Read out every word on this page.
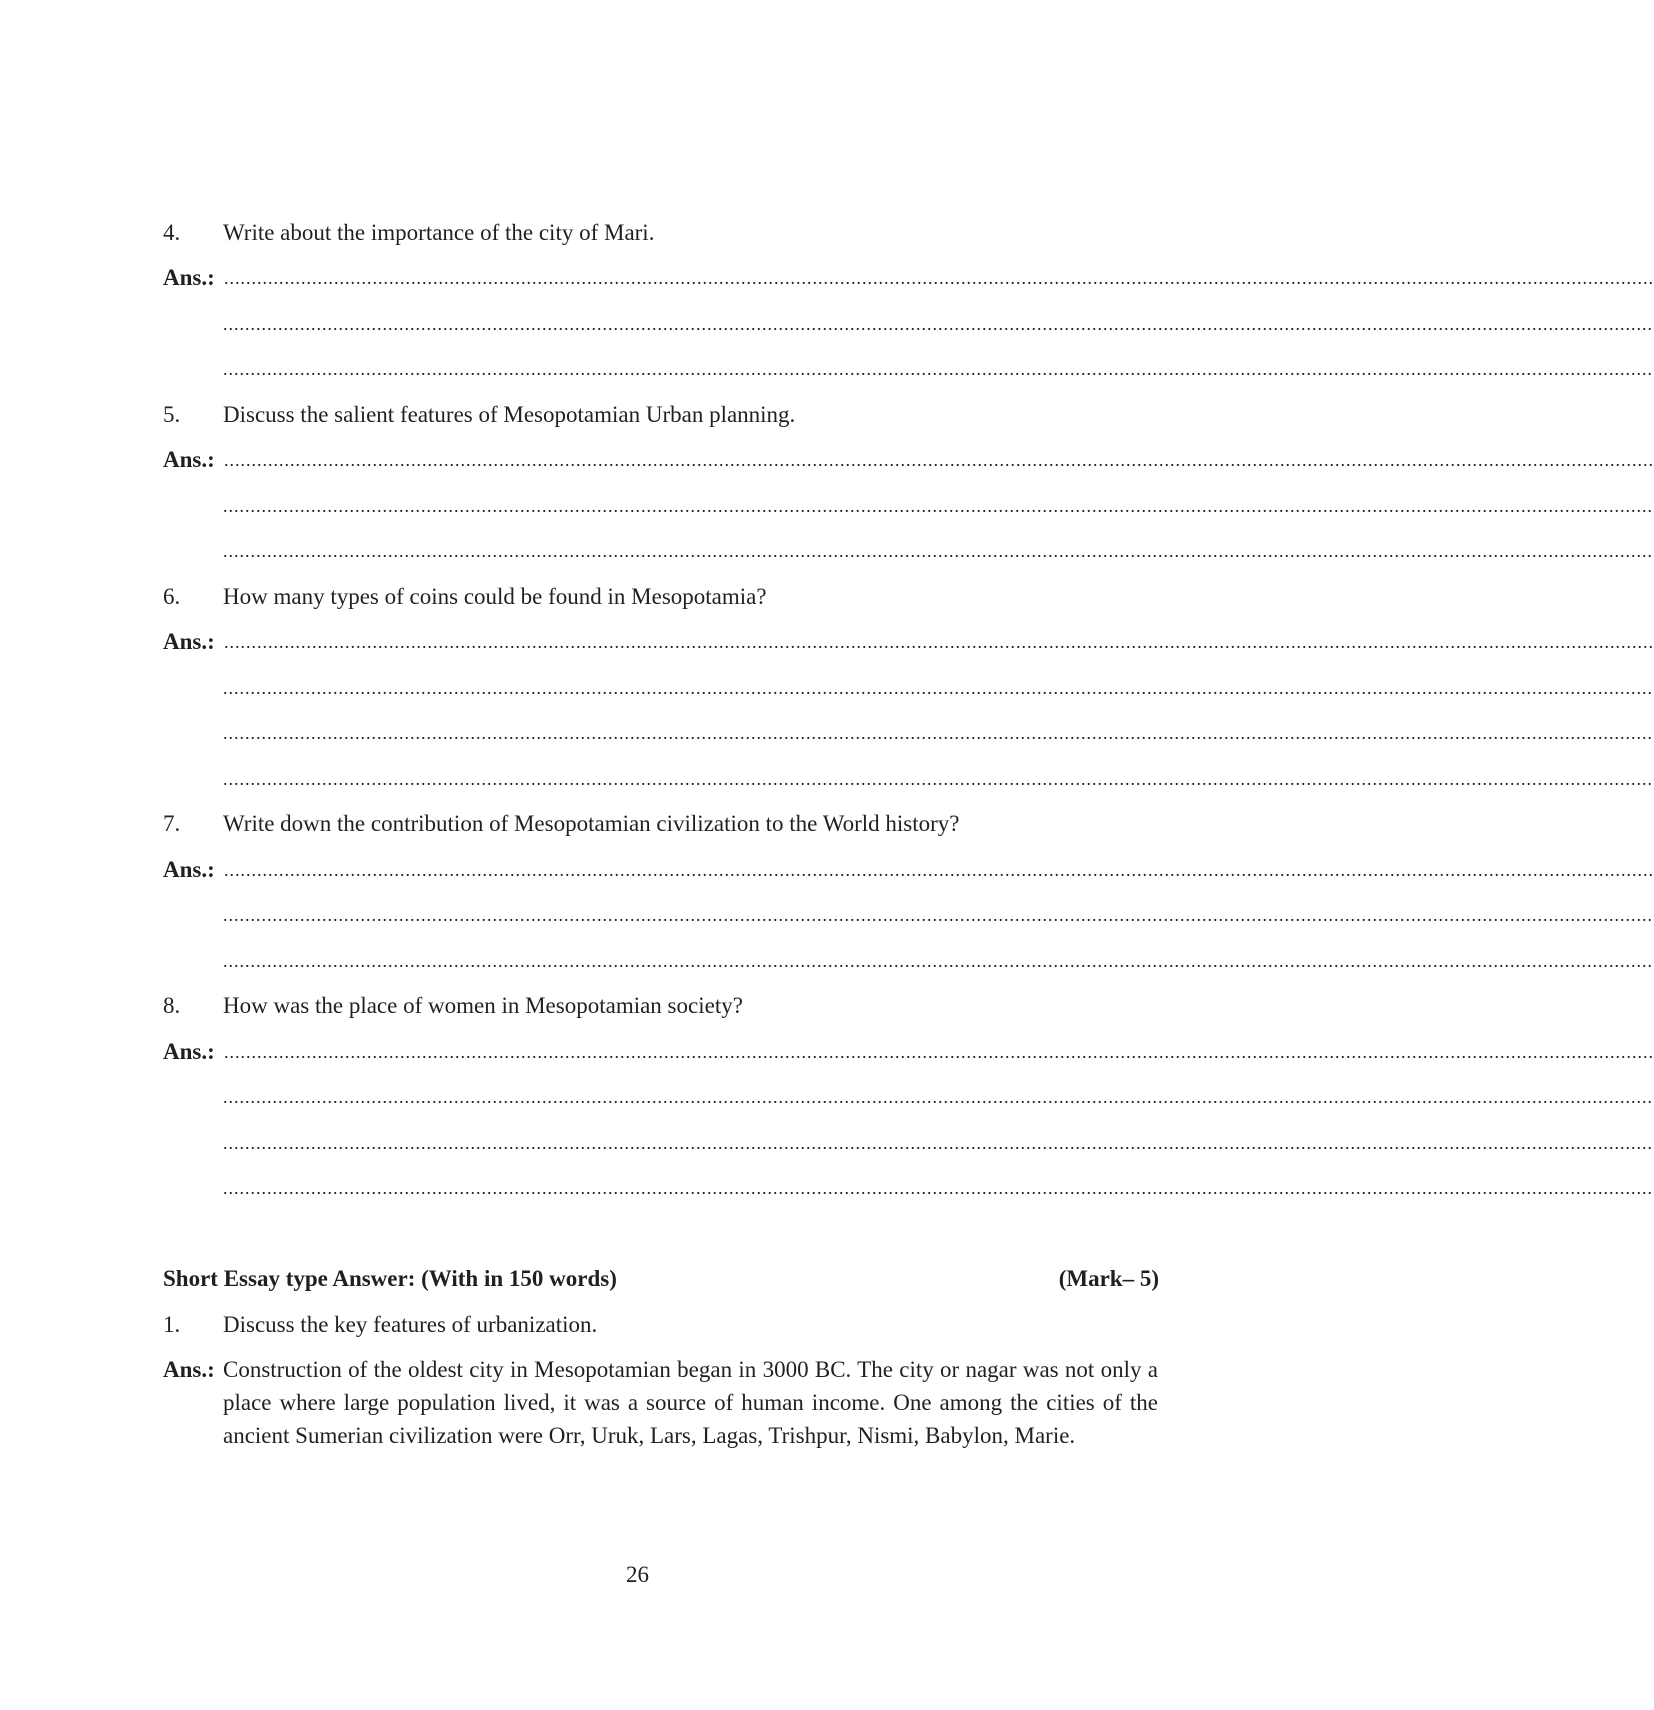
4. Write about the importance of the city of Mari.
Ans.: ....................................................................................................................................................................................................................................................................
....................................................................................................................................................................................................................................................................
....................................................................................................................................................................................................................................................................
5. Discuss the salient features of Mesopotamian Urban planning.
Ans.: ....................................................................................................................................................................................................................................................................
....................................................................................................................................................................................................................................................................
....................................................................................................................................................................................................................................................................
6. How many types of coins could be found in Mesopotamia?
Ans.: ....................................................................................................................................................................................................................................................................
....................................................................................................................................................................................................................................................................
....................................................................................................................................................................................................................................................................
....................................................................................................................................................................................................................................................................
7. Write down the contribution of Mesopotamian civilization to the World history?
Ans.: ....................................................................................................................................................................................................................................................................
....................................................................................................................................................................................................................................................................
....................................................................................................................................................................................................................................................................
8. How was the place of women in Mesopotamian society?
Ans.: ....................................................................................................................................................................................................................................................................
....................................................................................................................................................................................................................................................................
....................................................................................................................................................................................................................................................................
....................................................................................................................................................................................................................................................................
Short Essay type Answer: (With in 150 words)	(Mark– 5)
1. Discuss the key features of urbanization.
Ans.: Construction of the oldest city in Mesopotamian began in 3000 BC. The city or nagar was not only a place where large population lived, it was a source of human income. One among the cities of the ancient Sumerian civilization were Orr, Uruk, Lars, Lagas, Trishpur, Nismi, Babylon, Marie.
26
